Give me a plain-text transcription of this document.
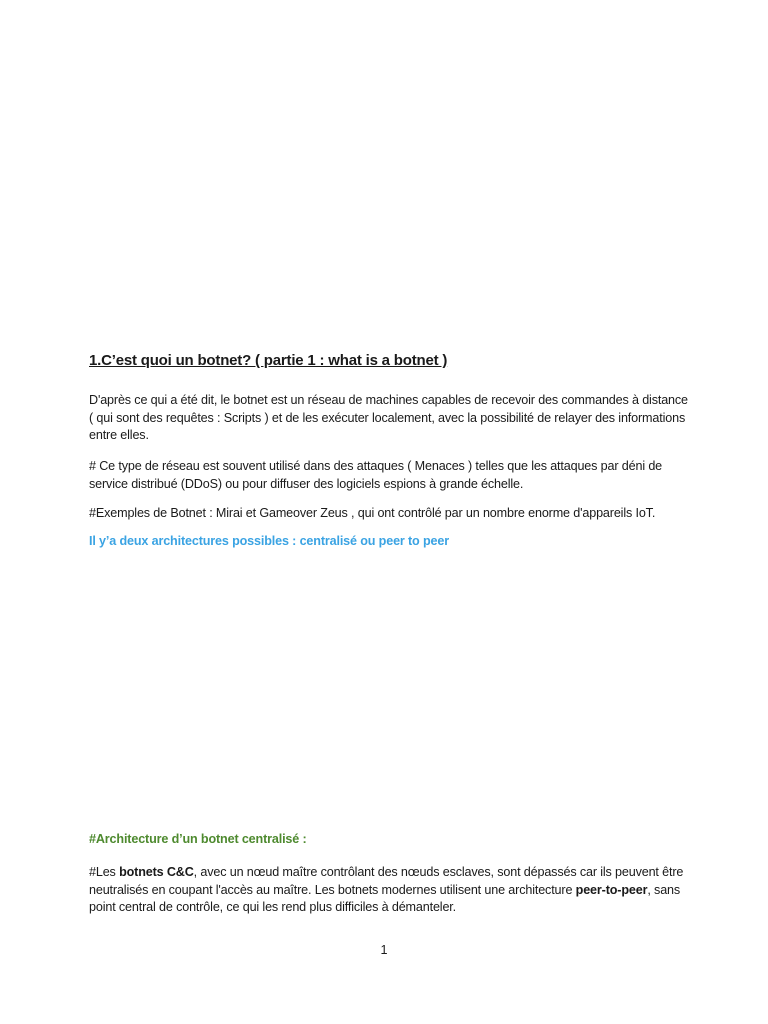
1.C’est quoi un botnet? ( partie 1 : what is a botnet )

D'après ce qui a été dit, le botnet est un réseau de machines capables de recevoir des commandes à distance ( qui sont des requêtes : Scripts ) et de les exécuter localement, avec la possibilité de relayer des informations entre elles.

# Ce type de réseau est souvent utilisé dans des attaques ( Menaces ) telles que les attaques par déni de service distribué (DDoS) ou pour diffuser des logiciels espions à grande échelle.

#Exemples de Botnet : Mirai et Gameover Zeus , qui ont contrôlé par un nombre enorme d'appareils IoT.

Il y’a deux architectures possibles : centralisé ou peer to peer

#Architecture d’un botnet centralisé :

#Les botnets C&C, avec un nœud maître contrôlant des nœuds esclaves, sont dépassés car ils peuvent être neutralisés en coupant l'accès au maître. Les botnets modernes utilisent une architecture peer-to-peer, sans point central de contrôle, ce qui les rend plus difficiles à démanteler.

1
